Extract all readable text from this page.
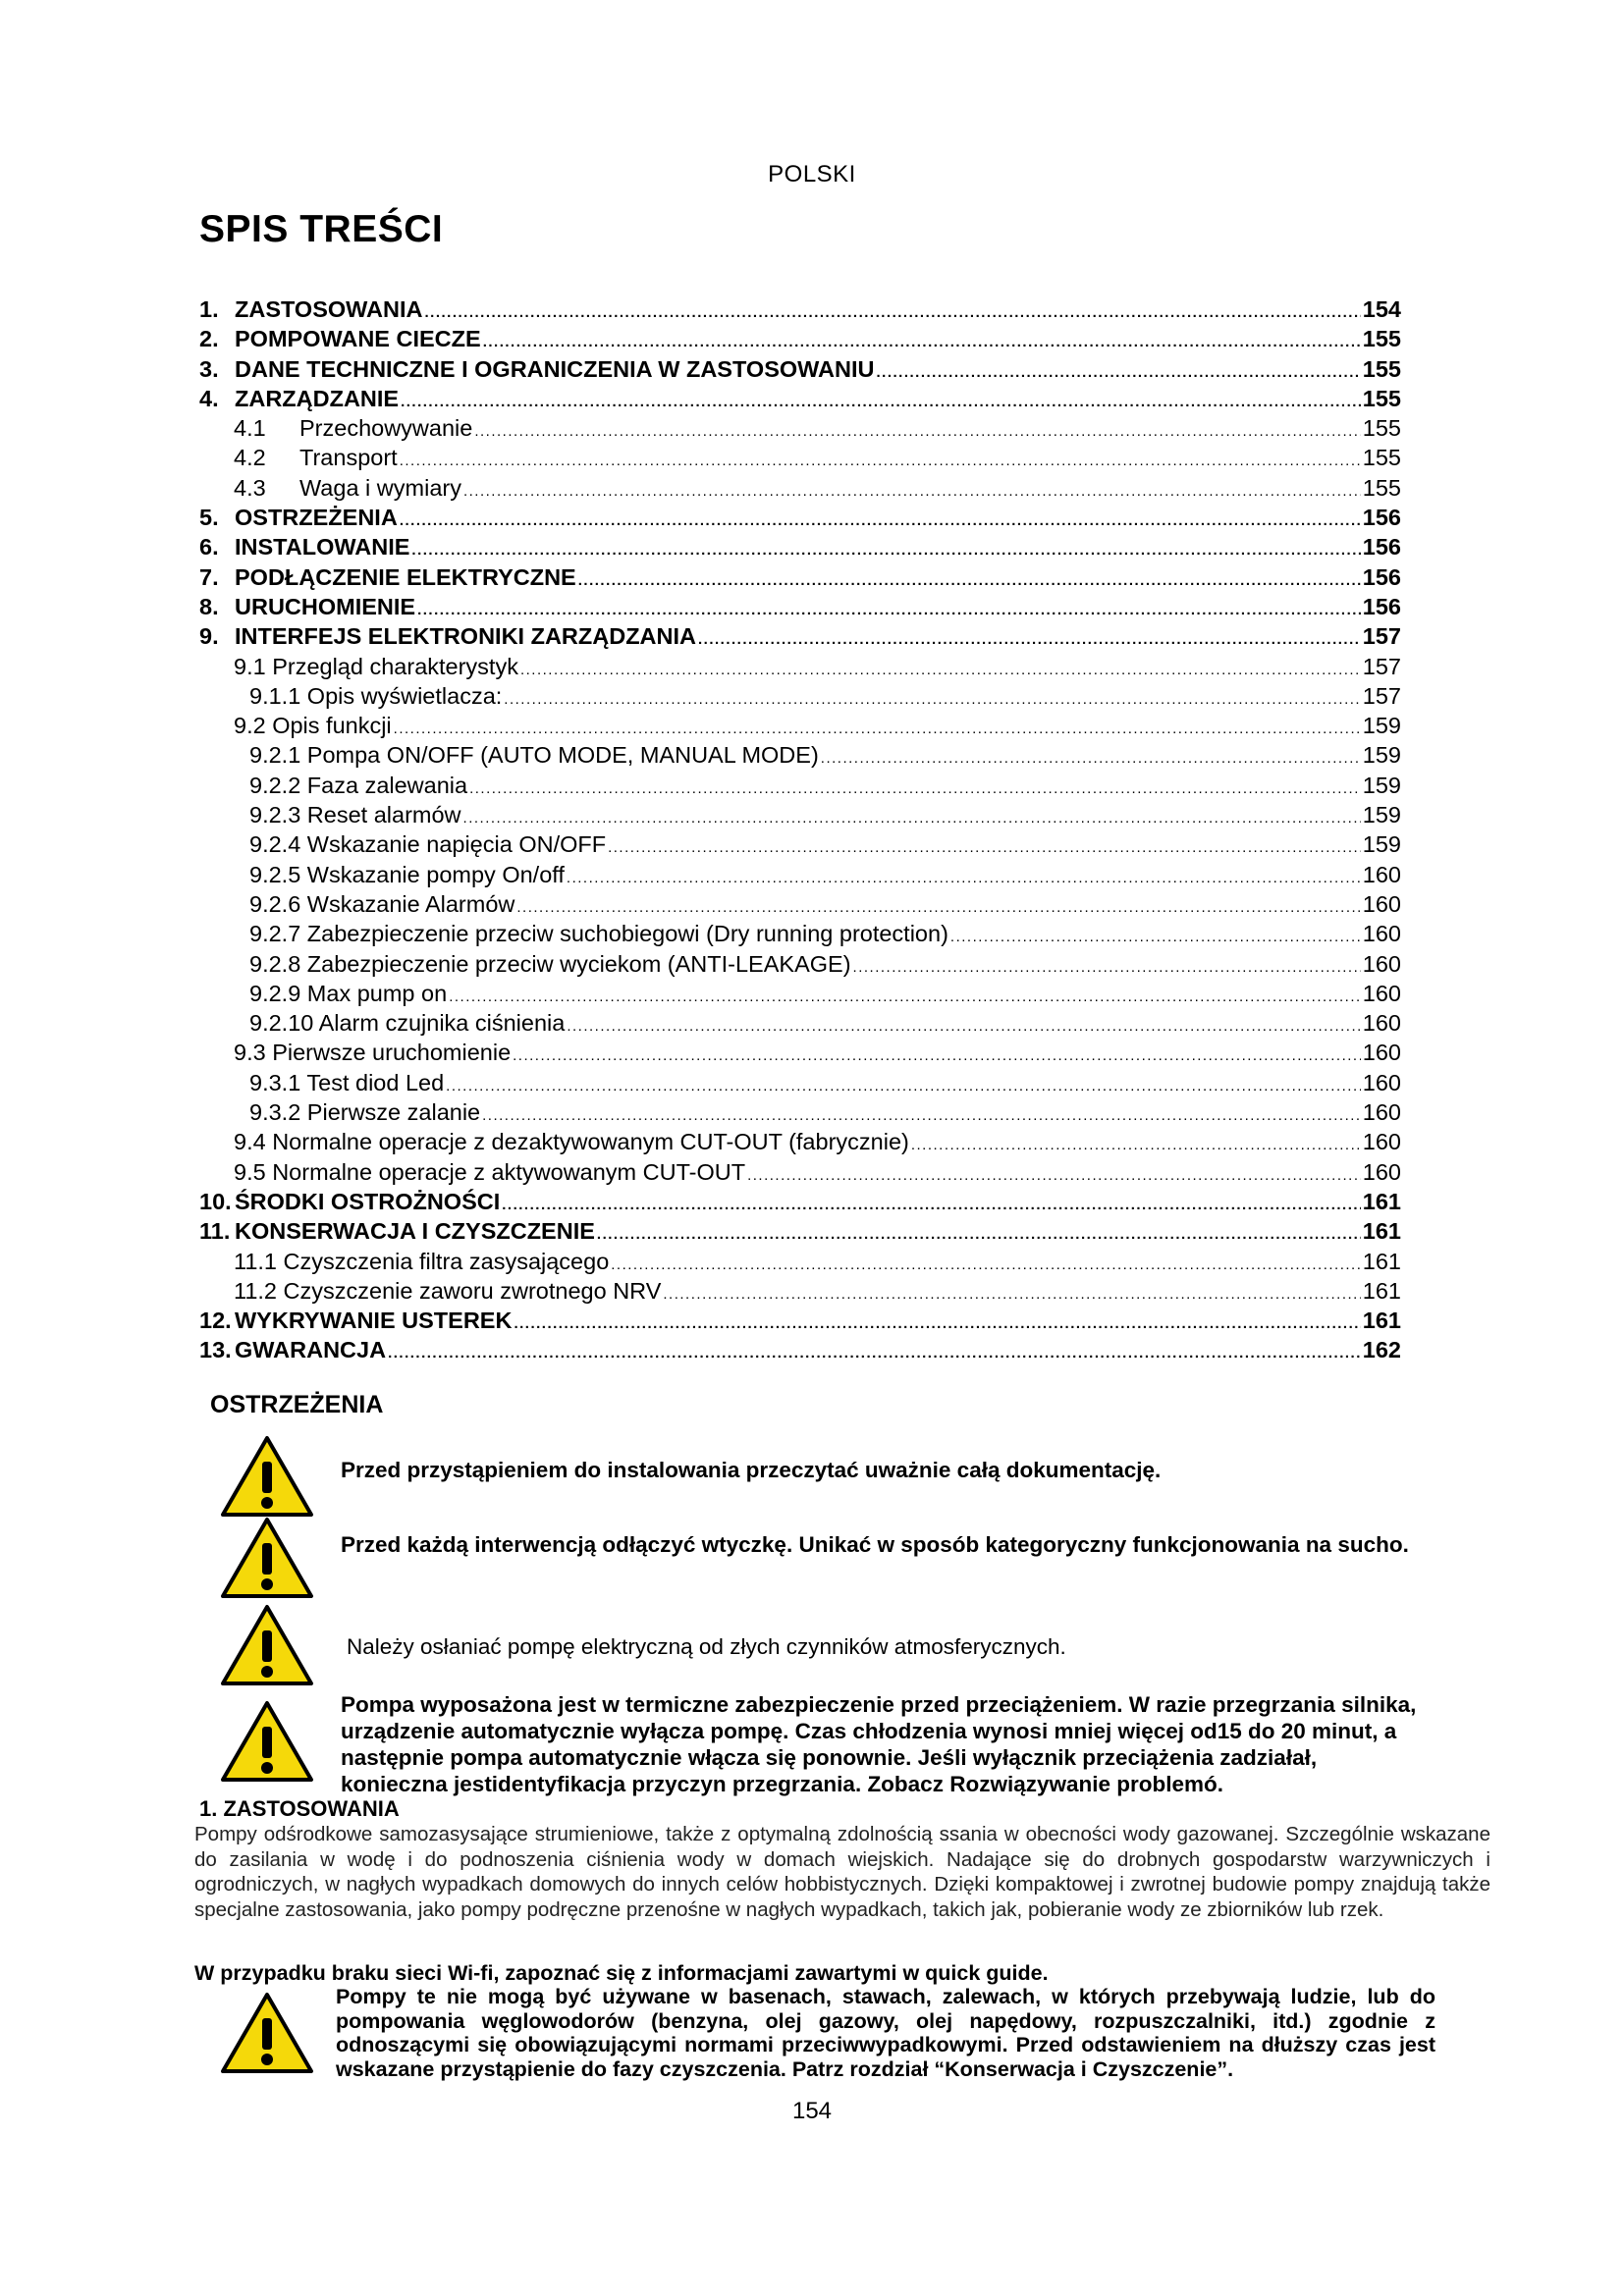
POLSKI
SPIS TREŚCI
1. ZASTOSOWANIA .....	154
2. POMPOWANE CIECZE .....	155
3. DANE TECHNICZNE I OGRANICZENIA W ZASTOSOWANIU .....	155
4. ZARZĄDZANIE .....	155
4.1 Przechowywanie .....	155
4.2 Transport .....	155
4.3 Waga i wymiary .....	155
5. OSTRZEŻENIA .....	156
6. INSTALOWANIE .....	156
7. PODŁĄCZENIE ELEKTRYCZNE .....	156
8. URUCHOMIENIE .....	156
9. INTERFEJS ELEKTRONIKI ZARZĄDZANIA .....	157
9.1 Przegląd charakterystyk .....	157
9.1.1 Opis wyświetlacza: .....	157
9.2 Opis funkcji .....	159
9.2.1 Pompa ON/OFF (AUTO MODE, MANUAL MODE) .....	159
9.2.2 Faza zalewania .....	159
9.2.3 Reset alarmów .....	159
9.2.4 Wskazanie napięcia ON/OFF .....	159
9.2.5 Wskazanie pompy On/off .....	160
9.2.6 Wskazanie Alarmów .....	160
9.2.7 Zabezpieczenie przeciw suchobiegowi (Dry running protection) .....	160
9.2.8 Zabezpieczenie przeciw wyciekom (ANTI-LEAKAGE) .....	160
9.2.9 Max pump on .....	160
9.2.10 Alarm czujnika ciśnienia .....	160
9.3 Pierwsze uruchomienie .....	160
9.3.1 Test diod Led .....	160
9.3.2 Pierwsze zalanie .....	160
9.4 Normalne operacje z dezaktywowanym CUT-OUT (fabrycznie) .....	160
9.5 Normalne operacje z aktywowanym CUT-OUT .....	160
10. ŚRODKI OSTROŻNOŚCI .....	161
11. KONSERWACJA I CZYSZCZENIE .....	161
11.1 Czyszczenia filtra zasysającego .....	161
11.2 Czyszczenie zaworu zwrotnego NRV .....	161
12. WYKRYWANIE USTEREK .....	161
13. GWARANCJA .....	162
OSTRZEŻENIA
Przed przystąpieniem do instalowania przeczytać uważnie całą dokumentację.
Przed każdą interwencją odłączyć wtyczkę. Unikać w sposób kategoryczny funkcjonowania na sucho.
Należy osłaniać pompę elektryczną od złych czynników atmosferycznych.
Pompa wyposażona jest w termiczne zabezpieczenie przed przeciążeniem. W razie przegrzania silnika, urządzenie automatycznie wyłącza pompę. Czas chłodzenia wynosi mniej więcej od15 do 20 minut, a następnie pompa automatycznie włącza się ponownie. Jeśli wyłącznik przeciążenia zadziałał, konieczna jestidentyfikacja przyczyn przegrzania. Zobacz Rozwiązywanie problemó.
1. ZASTOSOWANIA

Pompy odśrodkowe samozasysające strumieniowe, także z optymalną zdolnością ssania w obecności wody gazowanej. Szczególnie wskazane do zasilania w wodę i do podnoszenia ciśnienia wody w domach wiejskich. Nadające się do drobnych gospodarstw warzywniczych i ogrodniczych, w nagłych wypadkach domowych do innych celów hobbistycznych. Dzięki kompaktowej i zwrotnej budowie pompy znajdują także specjalne zastosowania, jako pompy podręczne przenośne w nagłych wypadkach, takich jak, pobieranie wody ze zbiorników lub rzek.

W przypadku braku sieci Wi-fi, zapoznać się z informacjami zawartymi w quick guide.
Pompy te nie mogą być używane w basenach, stawach, zalewach, w których przebywają ludzie, lub do pompowania węglowodorów (benzyna, olej gazowy, olej napędowy, rozpuszczalniki, itd.) zgodnie z odnoszącymi się obowiązującymi normami przeciwwypadkowymi. Przed odstawieniem na dłuższy czas jest wskazane przystąpienie do fazy czyszczenia. Patrz rozdział “Konserwacja i Czyszczenie”.
154
